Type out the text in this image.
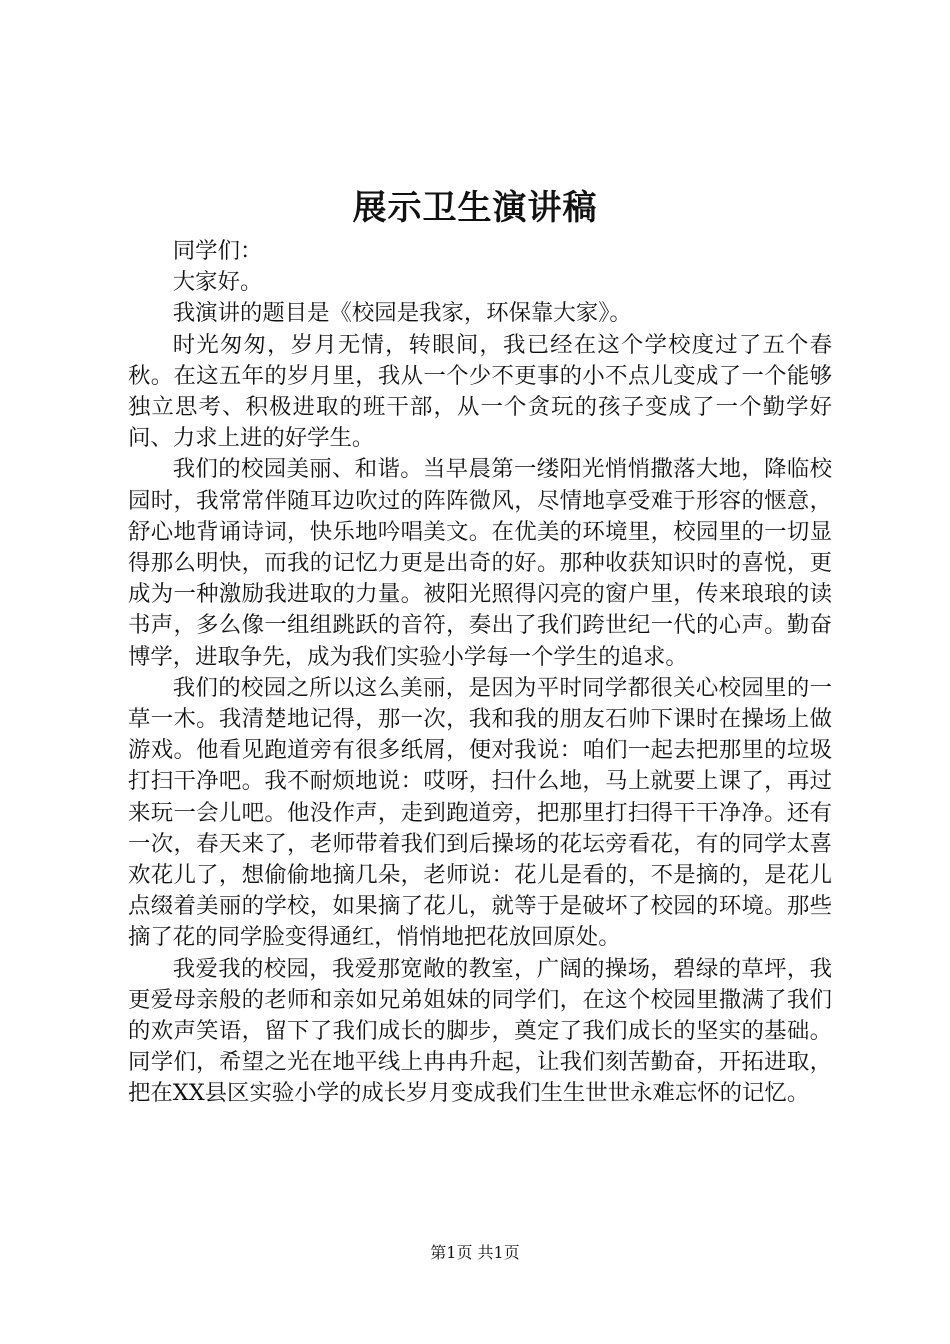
展示卫生演讲稿

同学们：

大家好。

我演讲的题目是《校园是我家，环保靠大家》。

时光匆匆，岁月无情，转眼间，我已经在这个学校度过了五个春秋。在这五年的岁月里，我从一个少不更事的小不点儿变成了一个能够独立思考、积极进取的班干部，从一个贪玩的孩子变成了一个勤学好问、力求上进的好学生。

我们的校园美丽、和谐。当早晨第一缕阳光悄悄撒落大地，降临校园时，我常常伴随耳边吹过的阵阵微风，尽情地享受难于形容的惬意，舒心地背诵诗词，快乐地吟唱美文。在优美的环境里，校园里的一切显得那么明快，而我的记忆力更是出奇的好。那种收获知识时的喜悦，更成为一种激励我进取的力量。被阳光照得闪亮的窗户里，传来琅琅的读书声，多么像一组组跳跃的音符，奏出了我们跨世纪一代的心声。勤奋博学，进取争先，成为我们实验小学每一个学生的追求。

我们的校园之所以这么美丽，是因为平时同学都很关心校园里的一草一木。我清楚地记得，那一次，我和我的朋友石帅下课时在操场上做游戏。他看见跑道旁有很多纸屑，便对我说：咱们一起去把那里的垃圾打扫干净吧。我不耐烦地说：哎呀，扫什么地，马上就要上课了，再过来玩一会儿吧。他没作声，走到跑道旁，把那里打扫得干干净净。还有一次，春天来了，老师带着我们到后操场的花坛旁看花，有的同学太喜欢花儿了，想偷偷地摘几朵，老师说：花儿是看的，不是摘的，是花儿点缀着美丽的学校，如果摘了花儿，就等于是破坏了校园的环境。那些摘了花的同学脸变得通红，悄悄地把花放回原处。

我爱我的校园，我爱那宽敞的教室，广阔的操场，碧绿的草坪，我更爱母亲般的老师和亲如兄弟姐妹的同学们，在这个校园里撒满了我们的欢声笑语，留下了我们成长的脚步，奠定了我们成长的坚实的基础。同学们，希望之光在地平线上冉冉升起，让我们刻苦勤奋，开拓进取，把在XX县区实验小学的成长岁月变成我们生生世世永难忘怀的记忆。

第1页 共1页
